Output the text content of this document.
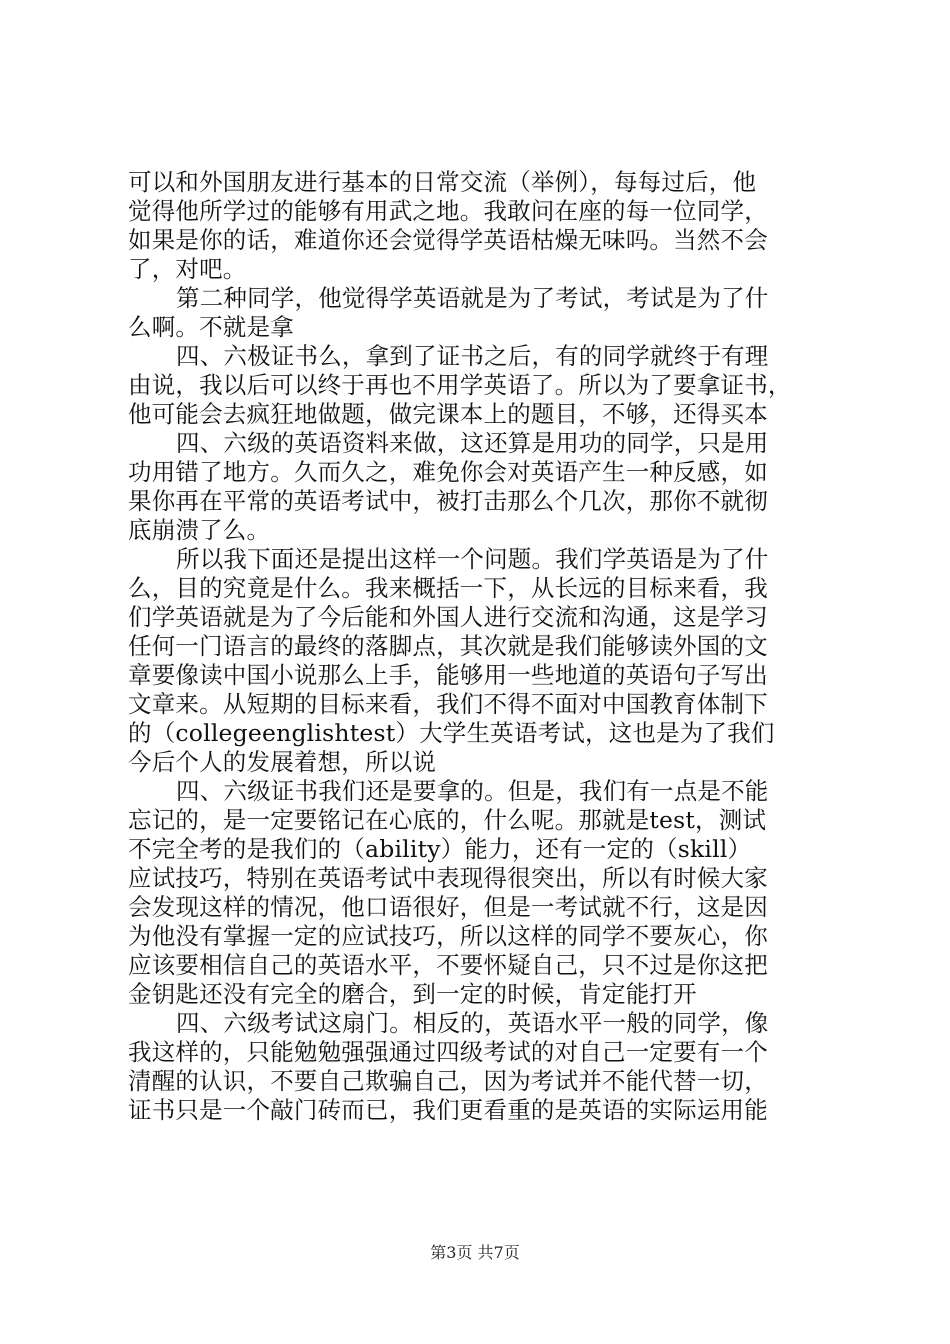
可以和外国朋友进行基本的日常交流（举例），每每过后，他
觉得他所学过的能够有用武之地。我敢问在座的每一位同学，
如果是你的话，难道你还会觉得学英语枯燥无味吗。当然不会
了，对吧。
第二种同学，他觉得学英语就是为了考试，考试是为了什
么啊。不就是拿
四、六极证书么，拿到了证书之后，有的同学就终于有理
由说，我以后可以终于再也不用学英语了。所以为了要拿证书，
他可能会去疯狂地做题，做完课本上的题目，不够，还得买本
四、六级的英语资料来做，这还算是用功的同学，只是用
功用错了地方。久而久之，难免你会对英语产生一种反感，如
果你再在平常的英语考试中，被打击那么个几次，那你不就彻
底崩溃了么。
所以我下面还是提出这样一个问题。我们学英语是为了什
么，目的究竟是什么。我来概括一下，从长远的目标来看，我
们学英语就是为了今后能和外国人进行交流和沟通，这是学习
任何一门语言的最终的落脚点，其次就是我们能够读外国的文
章要像读中国小说那么上手，能够用一些地道的英语句子写出
文章来。从短期的目标来看，我们不得不面对中国教育体制下
的（collegeenglishtest）大学生英语考试，这也是为了我们
今后个人的发展着想，所以说
四、六级证书我们还是要拿的。但是，我们有一点是不能
忘记的，是一定要铭记在心底的，什么呢。那就是test，测试
不完全考的是我们的（ability）能力，还有一定的（skill）
应试技巧，特别在英语考试中表现得很突出，所以有时候大家
会发现这样的情况，他口语很好，但是一考试就不行，这是因
为他没有掌握一定的应试技巧，所以这样的同学不要灰心，你
应该要相信自己的英语水平，不要怀疑自己，只不过是你这把
金钥匙还没有完全的磨合，到一定的时候，肯定能打开
四、六级考试这扇门。相反的，英语水平一般的同学，像
我这样的，只能勉勉强强通过四级考试的对自己一定要有一个
清醒的认识，不要自己欺骗自己，因为考试并不能代替一切，
证书只是一个敲门砖而已，我们更看重的是英语的实际运用能
第3页 共7页
